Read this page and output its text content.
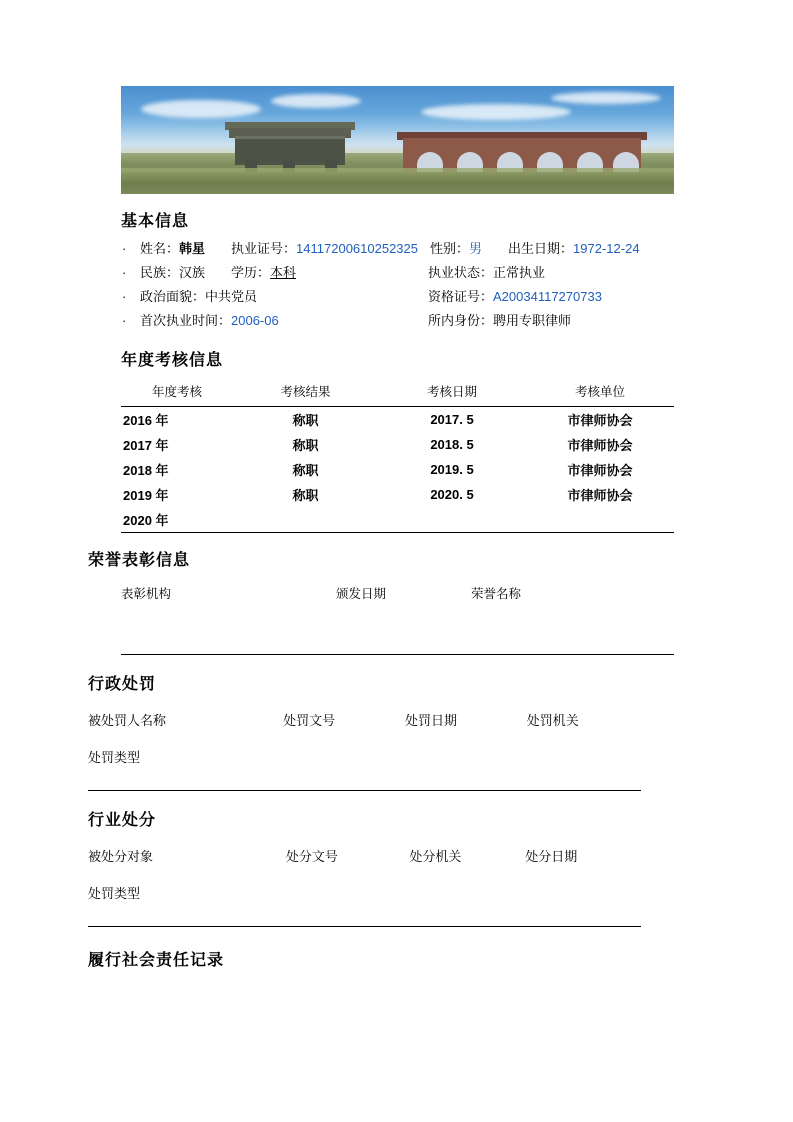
基本信息
· 姓名：韩星 执业证号：14117200610252325 性别：男 出生日期：1972-12-24
· 民族：汉族 学历：本科	执业状态：正常执业
· 政治面貌：中共党员	资格证号：A20034117270733
· 首次执业时间：2006-06	所内身份：聘用专职律师
年度考核信息
年度考核	考核结果	考核日期	考核单位
2016 年	称职	2017. 5	市律师协会
2017 年	称职	2018. 5	市律师协会
2018 年	称职	2019. 5	市律师协会
2019 年	称职	2020. 5	市律师协会
2020 年			
荣誉表彰信息
表彰机构	颁发日期	荣誉名称
行政处罚
被处罚人名称	处罚文号	处罚日期	处罚机关
处罚类型
行业处分
被处分对象	处分文号	处分机关	处分日期
处罚类型
履行社会责任记录
